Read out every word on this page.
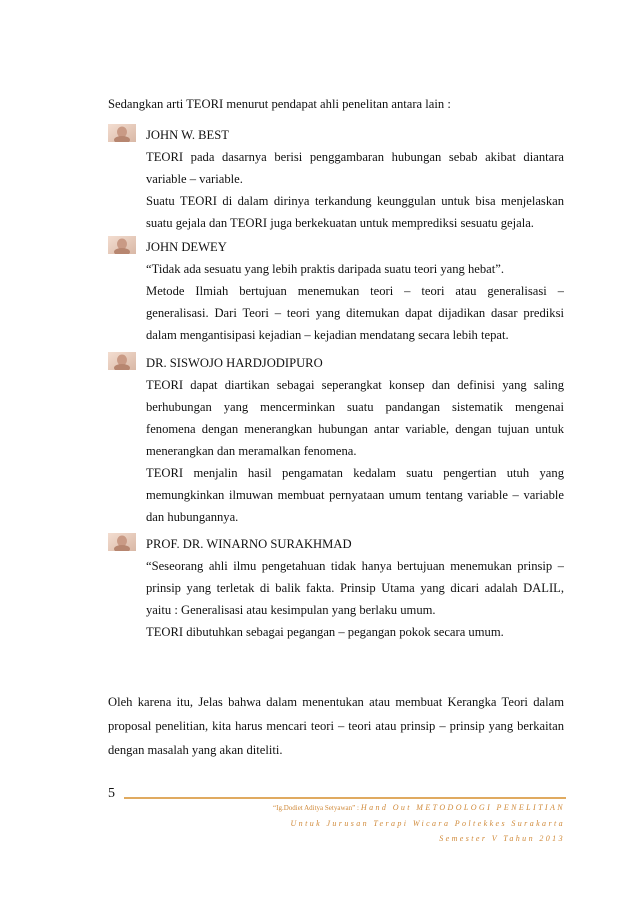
Sedangkan arti TEORI menurut pendapat ahli penelitan antara lain :
JOHN W. BEST
TEORI pada dasarnya berisi penggambaran hubungan sebab akibat diantara
variable – variable.
Suatu TEORI di dalam dirinya terkandung keunggulan untuk bisa menjelaskan
suatu gejala dan TEORI juga berkekuatan untuk memprediksi sesuatu gejala.
JOHN DEWEY
“Tidak ada sesuatu yang lebih praktis daripada suatu teori yang hebat”.
Metode Ilmiah bertujuan menemukan teori – teori atau generalisasi –
generalisasi. Dari Teori – teori yang ditemukan dapat dijadikan dasar prediksi
dalam mengantisipasi kejadian – kejadian mendatang secara lebih tepat.
DR. SISWOJO HARDJODIPURO
TEORI dapat diartikan sebagai seperangkat konsep dan definisi yang saling
berhubungan yang mencerminkan suatu pandangan sistematik mengenai
fenomena dengan menerangkan hubungan antar variable, dengan tujuan untuk
menerangkan dan meramalkan fenomena.
TEORI menjalin hasil pengamatan kedalam suatu pengertian utuh yang
memungkinkan ilmuwan membuat pernyataan umum tentang variable – variable
dan hubungannya.
PROF. DR. WINARNO SURAKHMAD
“Seseorang ahli ilmu pengetahuan tidak hanya bertujuan menemukan prinsip –
prinsip yang terletak di balik fakta. Prinsip Utama yang dicari adalah DALIL,
yaitu : Generalisasi atau kesimpulan yang berlaku umum.
TEORI dibutuhkan sebagai pegangan – pegangan pokok secara umum.
Oleh karena itu, Jelas bahwa dalam menentukan atau membuat Kerangka Teori dalam
proposal penelitian, kita harus mencari teori – teori atau prinsip – prinsip yang berkaitan
dengan masalah yang akan diteliti.
5
“Ig.Dodiet Aditya Setyawan” : Hand Out METODOLOGI PENELITIAN
Untuk Jurusan Terapi Wicara Poltekkes Surakarta
Semester V Tahun 2013
